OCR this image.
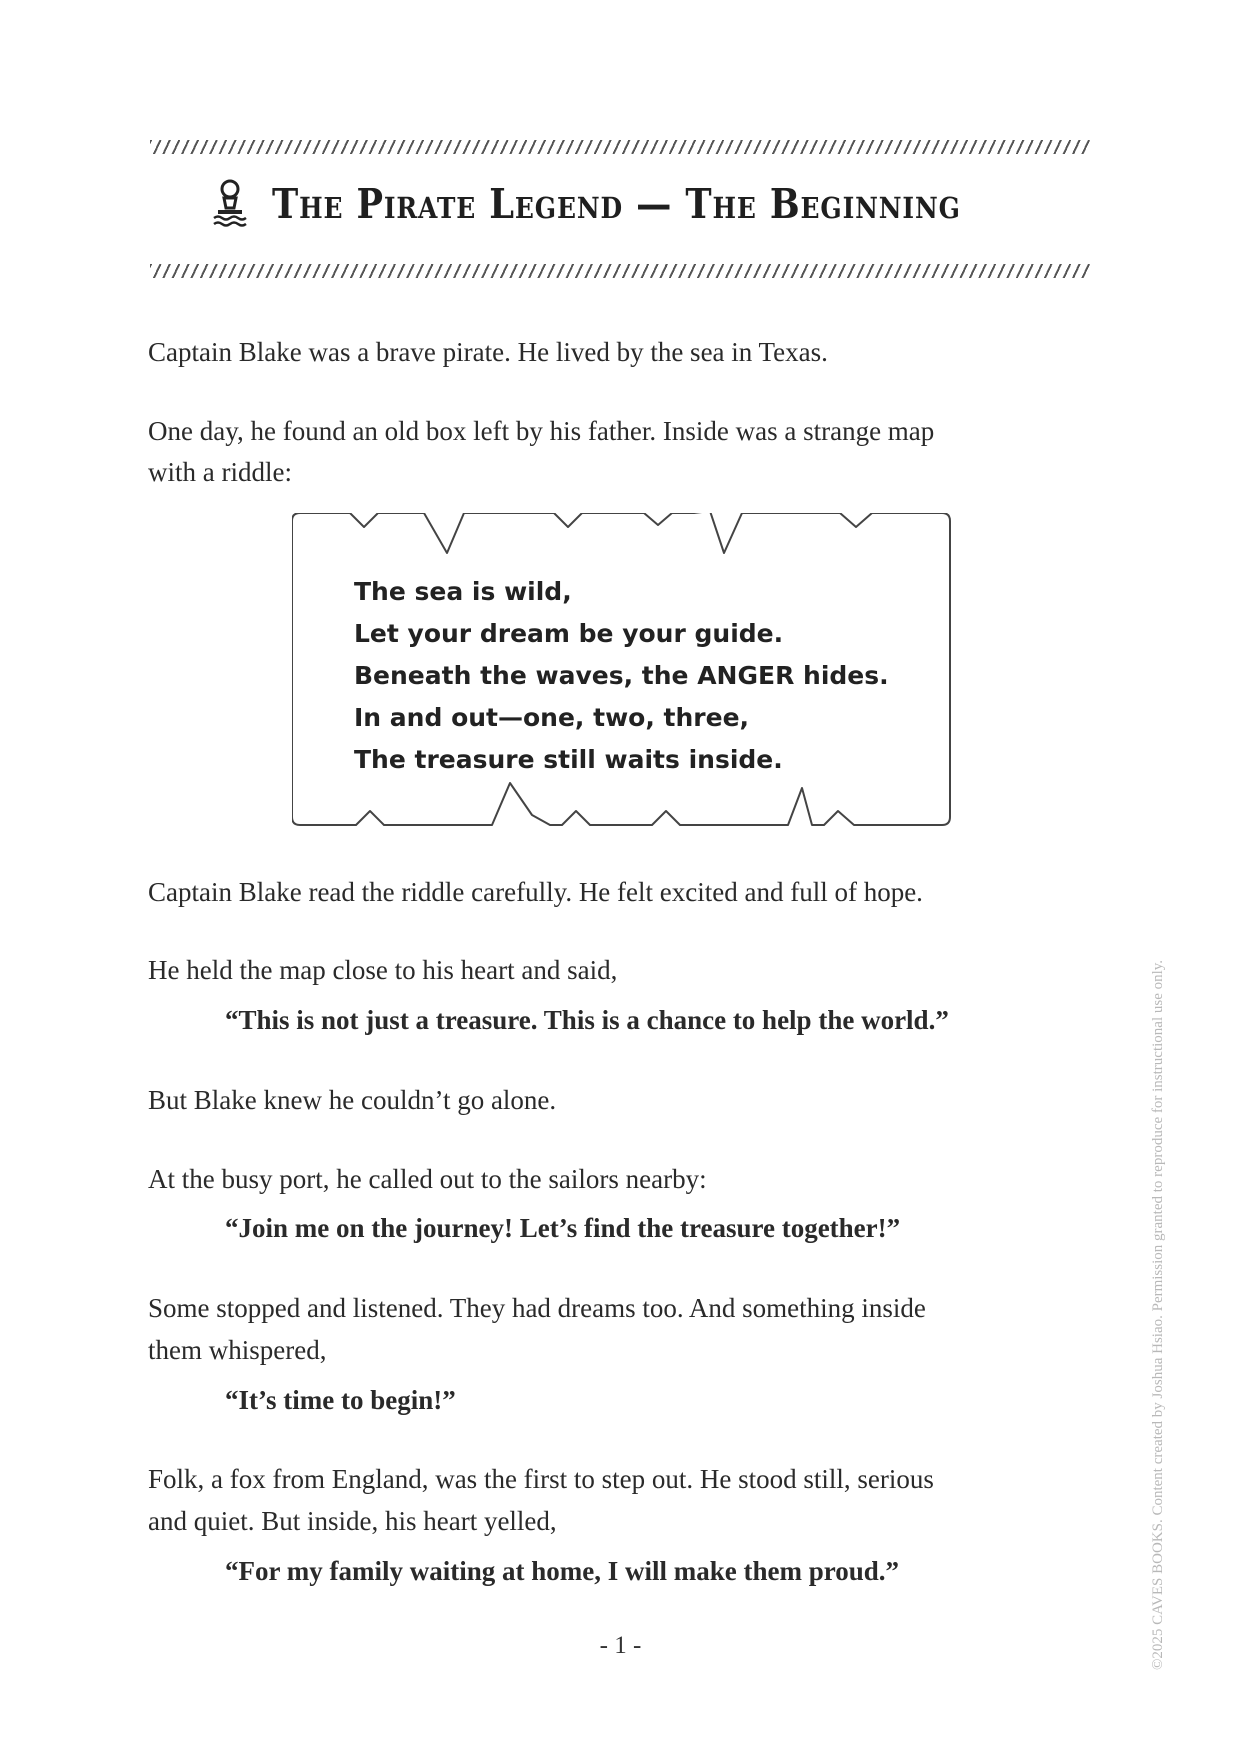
The Pirate Legend — The Beginning

Captain Blake was a brave pirate. He lived by the sea in Texas.

One day, he found an old box left by his father. Inside was a strange map

with a riddle:

The sea is wild,
Let your dream be your guide.
Beneath the waves, the ANGER hides.
In and out—one, two, three,
The treasure still waits inside.

Captain Blake read the riddle carefully. He felt excited and full of hope.

He held the map close to his heart and said,

“This is not just a treasure. This is a chance to help the world.”

But Blake knew he couldn’t go alone.

At the busy port, he called out to the sailors nearby:

“Join me on the journey! Let’s find the treasure together!”

Some stopped and listened. They had dreams too. And something inside

them whispered,

“It’s time to begin!”

Folk, a fox from England, was the first to step out. He stood still, serious

and quiet. But inside, his heart yelled,

“For my family waiting at home, I will make them proud.”

- 1 -	©2025 CAVES BOOKS. Content created by Joshua Hsiao. Permission granted to reproduce for instructional use only.
